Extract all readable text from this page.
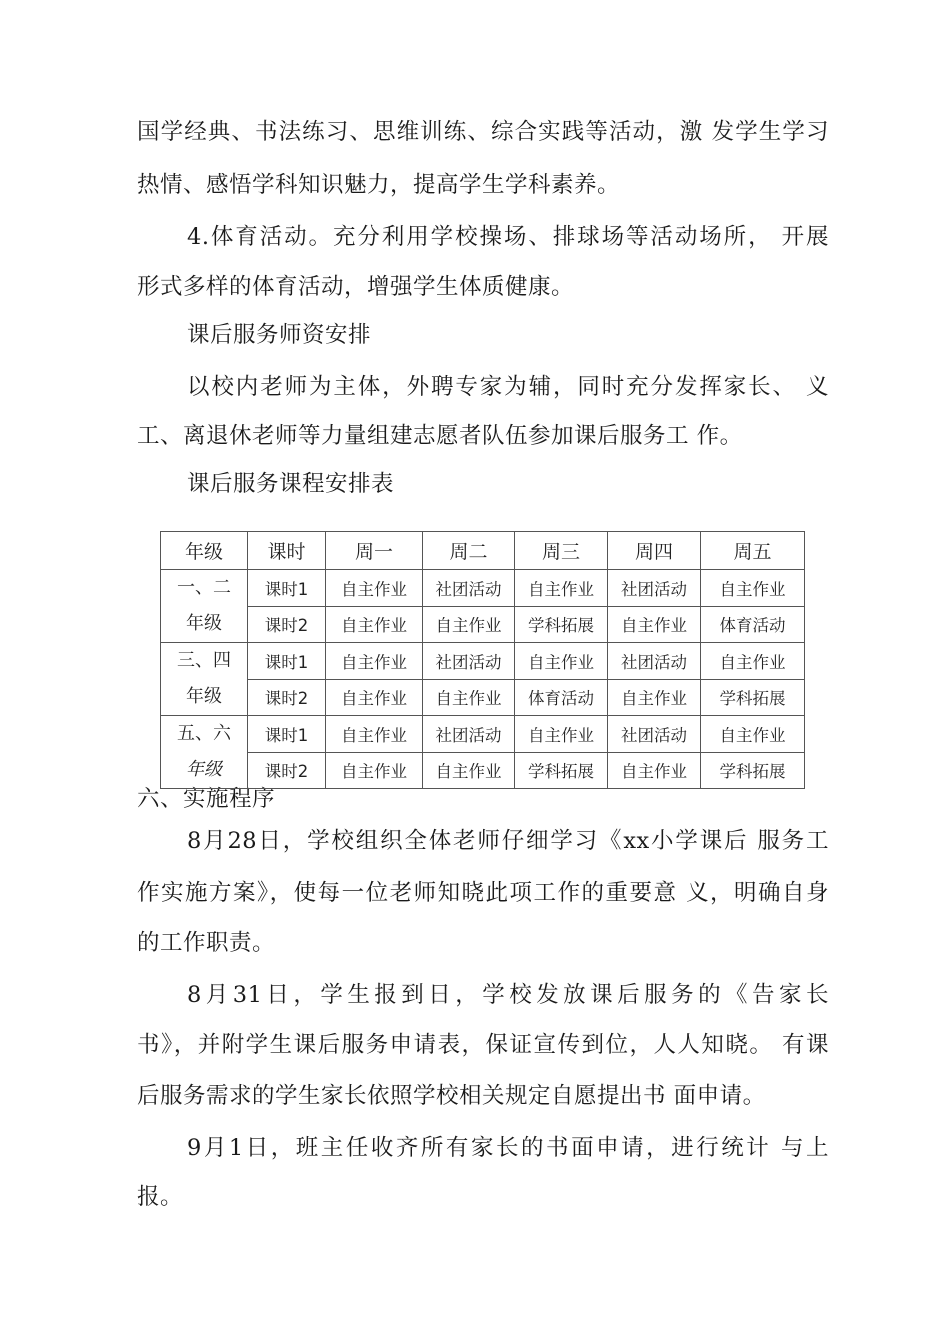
国学经典、书法练习、思维训练、综合实践等活动，激 发学生学习
热情、感悟学科知识魅力，提高学生学科素养。
4.体育活动。充分利用学校操场、排球场等活动场所， 开展
形式多样的体育活动，增强学生体质健康。
课后服务师资安排
以校内老师为主体，外聘专家为辅，同时充分发挥家长、 义
工、离退休老师等力量组建志愿者队伍参加课后服务工 作。
课后服务课程安排表
六、实施程序
8月28日，学校组织全体老师仔细学习《xx小学课后 服务工
作实施方案》，使每一位老师知晓此项工作的重要意 义，明确自身
的工作职责。
8月31日，学生报到日，学校发放课后服务的《告家长
书》，并附学生课后服务申请表，保证宣传到位，人人知晓。 有课
后服务需求的学生家长依照学校相关规定自愿提出书 面申请。
9月1日，班主任收齐所有家长的书面申请，进行统计 与上
报。
年级	课时	周一	周二	周三	周四	周五

一、二
年级	课时1	自主作业	社团活动	自主作业	社团活动	自主作业
	课时2	自主作业	自主作业	学科拓展	自主作业	体育活动

三、四
年级	课时1	自主作业	社团活动	自主作业	社团活动	自主作业
	课时2	自主作业	自主作业	体育活动	自主作业	学科拓展

五、六
年级	课时1	自主作业	社团活动	自主作业	社团活动	自主作业
	课时2	自主作业	自主作业	学科拓展	自主作业	学科拓展
